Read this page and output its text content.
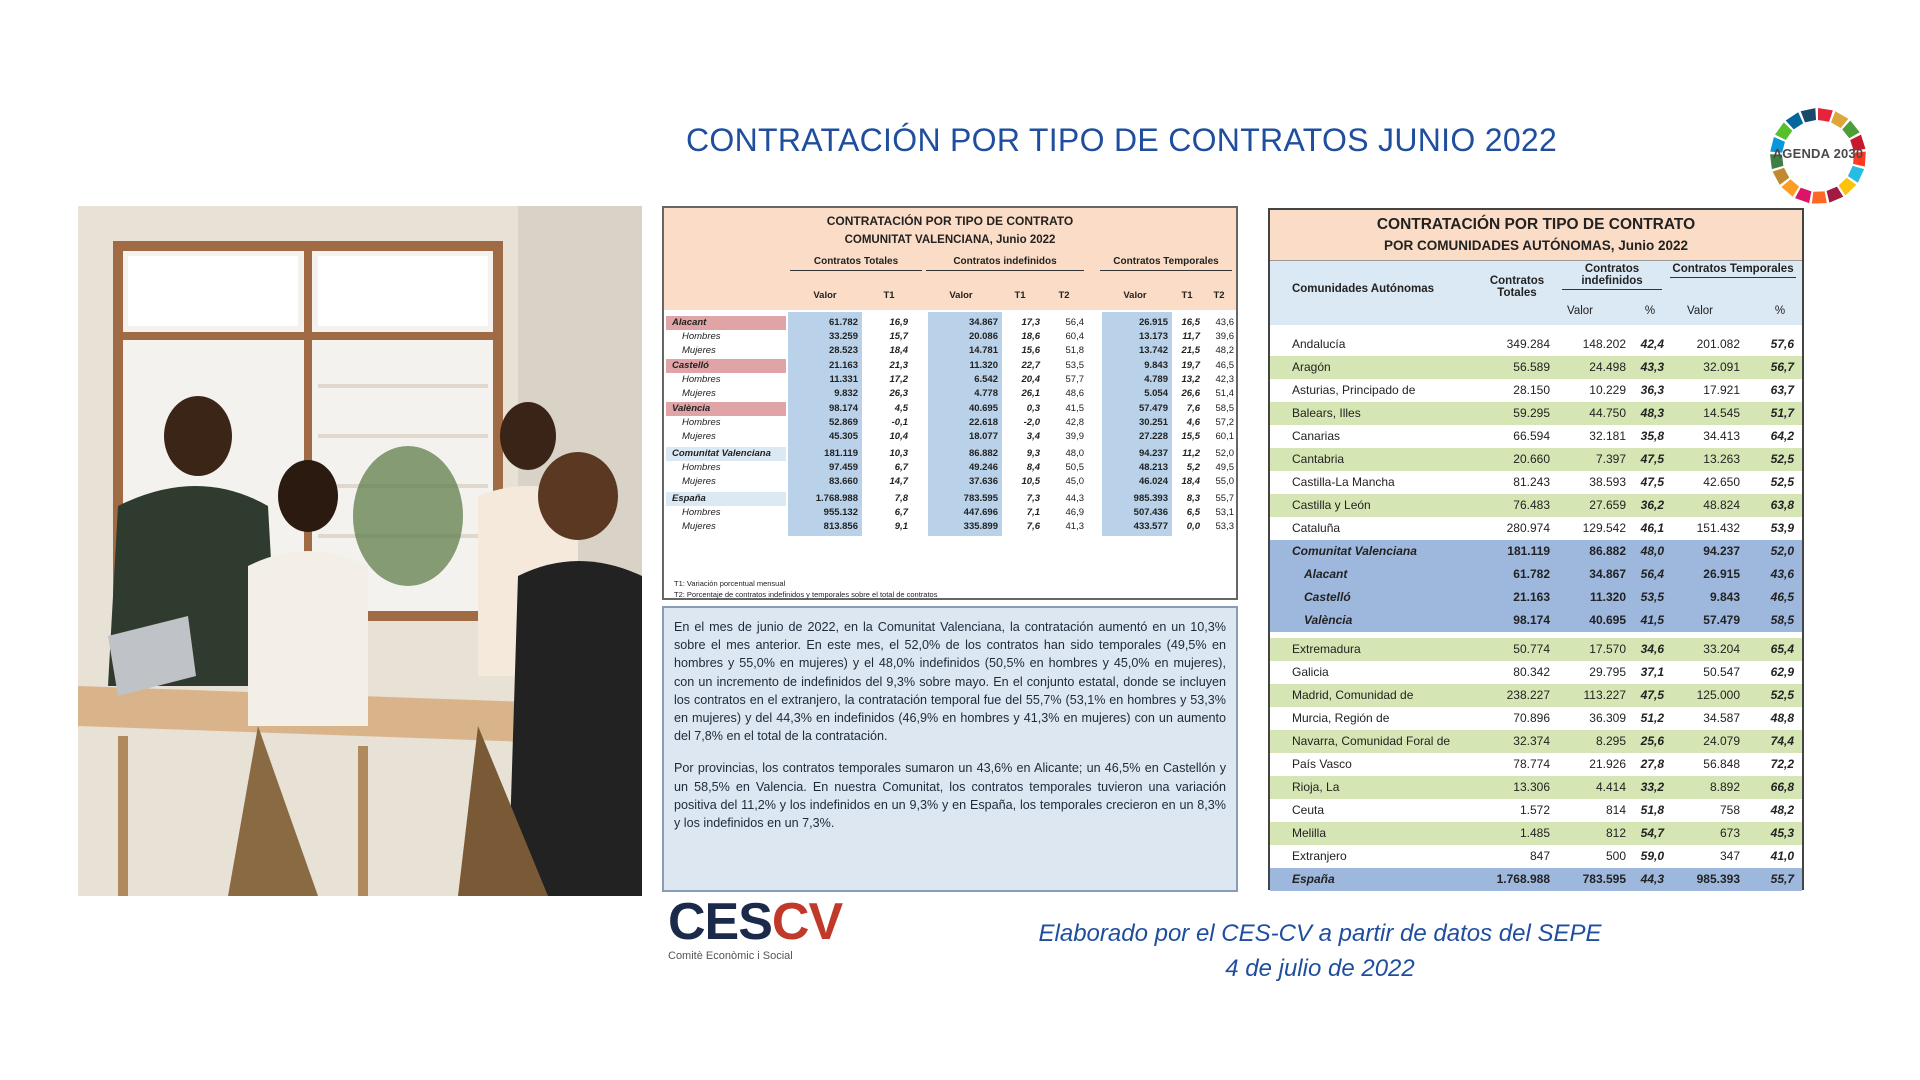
CONTRATACIÓN POR TIPO DE CONTRATOS JUNIO 2022	AGENDA 2030
CONTRATACIÓN POR TIPO DE CONTRATO
COMUNITAT VALENCIANA, Junio 2022
Contratos Totales	Contratos indefinidos	Contratos Temporales
Valor	T1	Valor	T1	T2	Valor	T1	T2
Alacant	61.782	16,9	34.867	17,3	56,4	26.915	16,5	43,6
Hombres	33.259	15,7	20.086	18,6	60,4	13.173	11,7	39,6
Mujeres	28.523	18,4	14.781	15,6	51,8	13.742	21,5	48,2
Castelló	21.163	21,3	11.320	22,7	53,5	9.843	19,7	46,5
Hombres	11.331	17,2	6.542	20,4	57,7	4.789	13,2	42,3
Mujeres	9.832	26,3	4.778	26,1	48,6	5.054	26,6	51,4
València	98.174	4,5	40.695	0,3	41,5	57.479	7,6	58,5
Hombres	52.869	-0,1	22.618	-2,0	42,8	30.251	4,6	57,2
Mujeres	45.305	10,4	18.077	3,4	39,9	27.228	15,5	60,1
Comunitat Valenciana	181.119	10,3	86.882	9,3	48,0	94.237	11,2	52,0
Hombres	97.459	6,7	49.246	8,4	50,5	48.213	5,2	49,5
Mujeres	83.660	14,7	37.636	10,5	45,0	46.024	18,4	55,0
España	1.768.988	7,8	783.595	7,3	44,3	985.393	8,3	55,7
Hombres	955.132	6,7	447.696	7,1	46,9	507.436	6,5	53,1
Mujeres	813.856	9,1	335.899	7,6	41,3	433.577	0,0	53,3
T1: Variación porcentual mensual
T2: Porcentaje de contratos indefinidos y temporales sobre el total de contratos

En el mes de junio de 2022, en la Comunitat Valenciana, la contratación aumentó en un 10,3% sobre el mes anterior. En este mes, el 52,0% de los contratos han sido temporales (49,5% en hombres y 55,0% en mujeres) y el 48,0% indefinidos (50,5% en hombres y 45,0% en mujeres), con un incremento de indefinidos del 9,3% sobre mayo. En el conjunto estatal, donde se incluyen los contratos en el extranjero, la contratación temporal fue del 55,7% (53,1% en hombres y 53,3% en mujeres) y del 44,3% en indefinidos (46,9% en hombres y 41,3% en mujeres) con un aumento del 7,8% en el total de la contratación.

Por provincias, los contratos temporales sumaron un 43,6% en Alicante; un 46,5% en Castellón y un 58,5% en Valencia. En nuestra Comunitat, los contratos temporales tuvieron una variación positiva del 11,2% y los indefinidos en un 9,3% y en España, los temporales crecieron en un 8,3% y los indefinidos en un 7,3%.

CONTRATACIÓN POR TIPO DE CONTRATO
POR COMUNIDADES AUTÓNOMAS, Junio 2022
Comunidades Autónomas
Contratos Totales
Contratos indefinidos
Contratos Temporales
Valor	%	Valor	%
Andalucía	349.284	148.202	42,4	201.082	57,6
Aragón	56.589	24.498	43,3	32.091	56,7
Asturias, Principado de	28.150	10.229	36,3	17.921	63,7
Balears, Illes	59.295	44.750	48,3	14.545	51,7
Canarias	66.594	32.181	35,8	34.413	64,2
Cantabria	20.660	7.397	47,5	13.263	52,5
Castilla-La Mancha	81.243	38.593	47,5	42.650	52,5
Castilla y León	76.483	27.659	36,2	48.824	63,8
Cataluña	280.974	129.542	46,1	151.432	53,9
Comunitat Valenciana	181.119	86.882	48,0	94.237	52,0
Alacant	61.782	34.867	56,4	26.915	43,6
Castelló	21.163	11.320	53,5	9.843	46,5
València	98.174	40.695	41,5	57.479	58,5
Extremadura	50.774	17.570	34,6	33.204	65,4
Galicia	80.342	29.795	37,1	50.547	62,9
Madrid, Comunidad de	238.227	113.227	47,5	125.000	52,5
Murcia, Región de	70.896	36.309	51,2	34.587	48,8
Navarra, Comunidad Foral de	32.374	8.295	25,6	24.079	74,4
País Vasco	78.774	21.926	27,8	56.848	72,2
Rioja, La	13.306	4.414	33,2	8.892	66,8
Ceuta	1.572	814	51,8	758	48,2
Melilla	1.485	812	54,7	673	45,3
Extranjero	847	500	59,0	347	41,0
España	1.768.988	783.595	44,3	985.393	55,7
CESCV
Comitè Econòmic i Social
Elaborado por el CES-CV a partir de datos del SEPE
4 de julio de 2022
